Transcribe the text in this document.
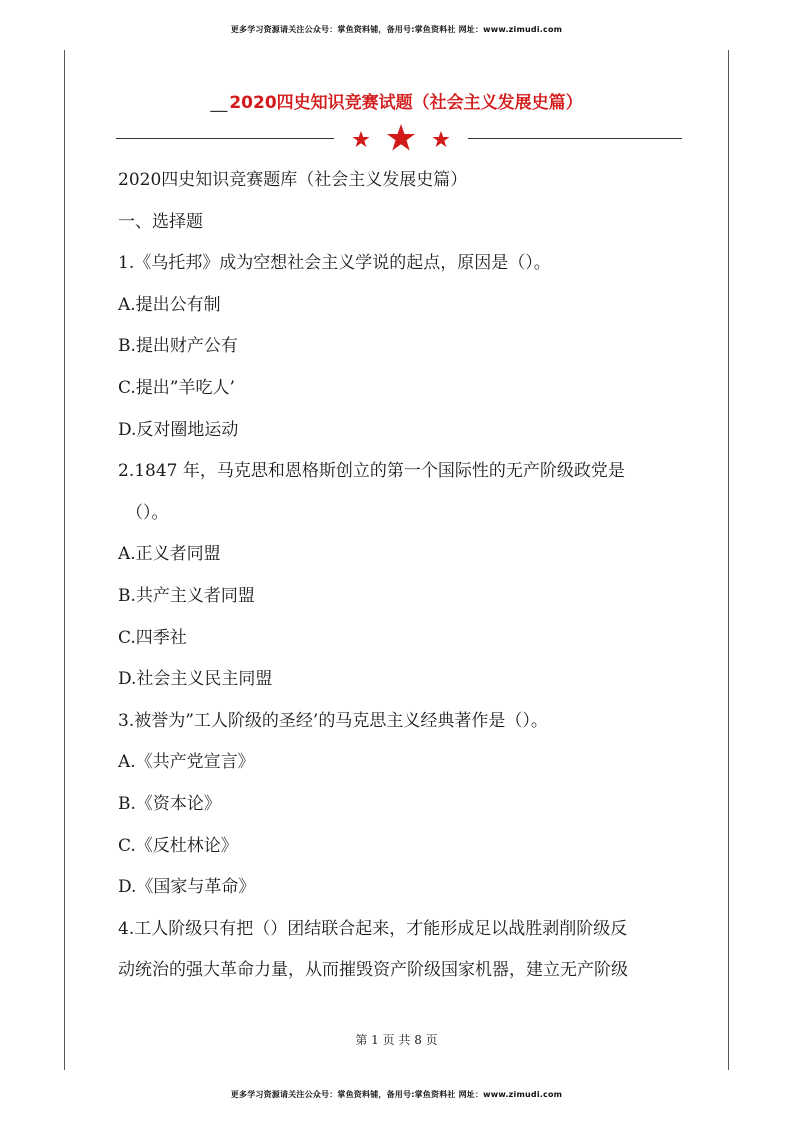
更多学习资源请关注公众号：掌鱼资料铺，备用号:掌鱼资料社 网址：www.zimudi.com
__ 2020四史知识竞赛试题（社会主义发展史篇）
2020四史知识竞赛题库（社会主义发展史篇）
一、选择题
1.《乌托邦》成为空想社会主义学说的起点，原因是（）。
A.提出公有制
B.提出财产公有
C.提出”羊吃人’
D.反对圈地运动
2.1847 年，马克思和恩格斯创立的第一个国际性的无产阶级政党是
（）。
A.正义者同盟
B.共产主义者同盟
C.四季社
D.社会主义民主同盟
3.被誉为”工人阶级的圣经’的马克思主义经典著作是（）。
A.《共产党宣言》
B.《资本论》
C.《反杜林论》
D.《国家与革命》
4.工人阶级只有把（）团结联合起来，才能形成足以战胜剥削阶级反
动统治的强大革命力量，从而摧毁资产阶级国家机器，建立无产阶级
第 1 页 共 8 页
更多学习资源请关注公众号：掌鱼资料铺，备用号:掌鱼资料社 网址：www.zimudi.com
